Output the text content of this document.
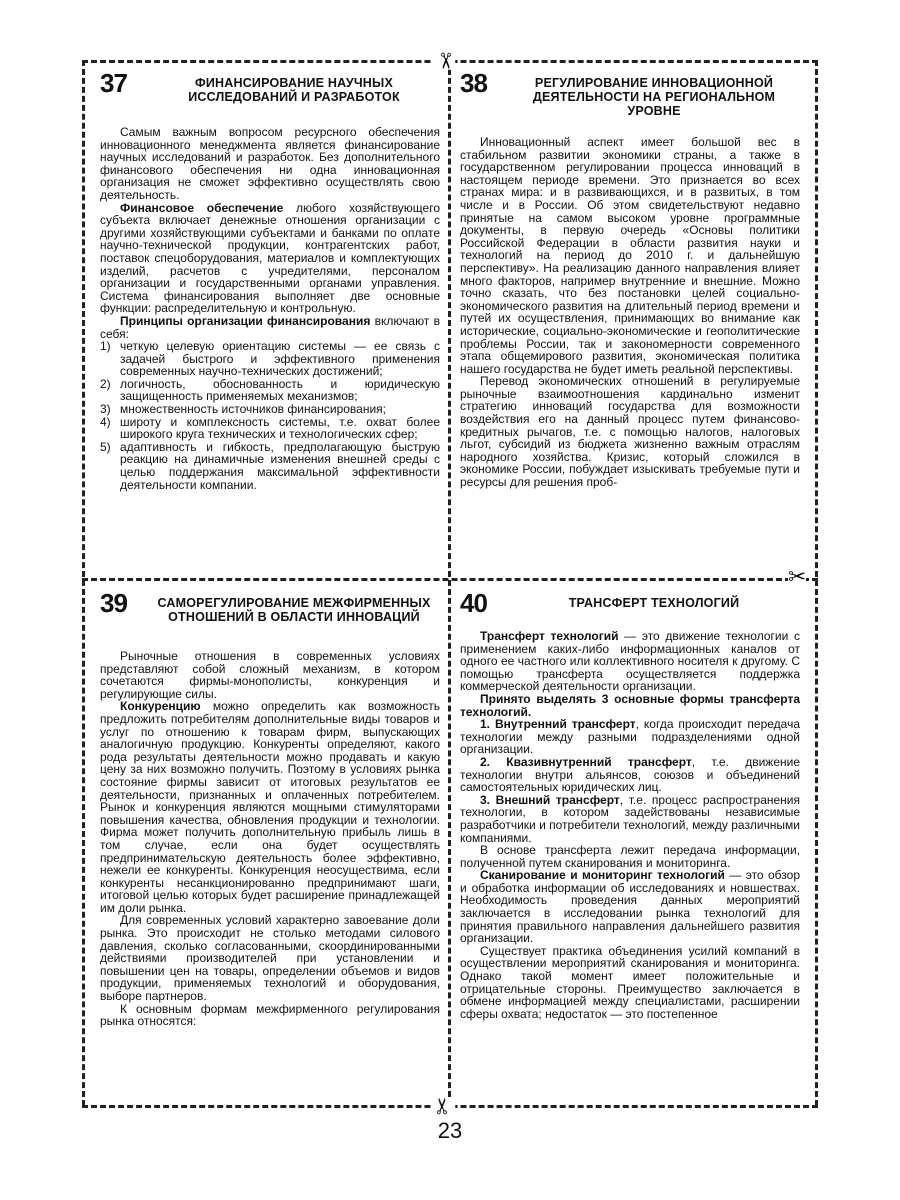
✂
✂
✂
37	ФИНАНСИРОВАНИЕ НАУЧНЫХ ИССЛЕДОВАНИЙ И РАЗРАБОТОК

Самым важным вопросом ресурсного обеспечения инновационного менеджмента является финансирование научных исследований и разработок. Без дополнительного финансового обеспечения ни одна инновационная организация не сможет эффективно осуществлять свою деятельность.

Финансовое обеспечение любого хозяйствующего субъекта включает денежные отношения организации с другими хозяйствующими субъектами и банками по оплате научно-технической продукции, контрагентских работ, поставок спецоборудования, материалов и комплектующих изделий, расчетов с учредителями, персоналом организации и государственными органами управления. Система финансирования выполняет две основные функции: распределительную и контрольную.

Принципы организации финансирования включают в себя:

1) четкую целевую ориентацию системы — ее связь с задачей быстрого и эффективного применения современных научно-технических достижений;
2) логичность, обоснованность и юридическую защищенность применяемых механизмов;
3) множественность источников финансирования;
4) широту и комплексность системы, т.е. охват более широкого круга технических и технологических сфер;
5) адаптивность и гибкость, предполагающую быструю реакцию на динамичные изменения внешней среды с целью поддержания максимальной эффективности деятельности компании.
38	РЕГУЛИРОВАНИЕ ИННОВАЦИОННОЙ ДЕЯТЕЛЬНОСТИ НА РЕГИОНАЛЬНОМ УРОВНЕ

Инновационный аспект имеет большой вес в стабильном развитии экономики страны, а также в государственном регулировании процесса инноваций в настоящем периоде времени. Это признается во всех странах мира: и в развивающихся, и в развитых, в том числе и в России. Об этом свидетельствуют недавно принятые на самом высоком уровне программные документы, в первую очередь «Основы политики Российской Федерации в области развития науки и технологий на период до 2010 г. и дальнейшую перспективу». На реализацию данного направления влияет много факторов, например внутренние и внешние. Можно точно сказать, что без постановки целей социально-экономического развития на длительный период времени и путей их осуществления, принимающих во внимание как исторические, социально-экономические и геополитические проблемы России, так и закономерности современного этапа общемирового развития, экономическая политика нашего государства не будет иметь реальной перспективы.

Перевод экономических отношений в регулируемые рыночные взаимоотношения кардинально изменит стратегию инноваций государства для возможности воздействия его на данный процесс путем финансово-кредитных рычагов, т.е. с помощью налогов, налоговых льгот, субсидий из бюджета жизненно важным отраслям народного хозяйства. Кризис, который сложился в экономике России, побуждает изыскивать требуемые пути и ресурсы для решения проб-

39	САМОРЕГУЛИРОВАНИЕ МЕЖФИРМЕННЫХ ОТНОШЕНИЙ В ОБЛАСТИ ИННОВАЦИЙ

Рыночные отношения в современных условиях представляют собой сложный механизм, в котором сочетаются фирмы-монополисты, конкуренция и регулирующие силы.

Конкуренцию можно определить как возможность предложить потребителям дополнительные виды товаров и услуг по отношению к товарам фирм, выпускающих аналогичную продукцию. Конкуренты определяют, какого рода результаты деятельности можно продавать и какую цену за них возможно получить. Поэтому в условиях рынка состояние фирмы зависит от итоговых результатов ее деятельности, признанных и оплаченных потребителем. Рынок и конкуренция являются мощными стимуляторами повышения качества, обновления продукции и технологии. Фирма может получить дополнительную прибыль лишь в том случае, если она будет осуществлять предпринимательскую деятельность более эффективно, нежели ее конкуренты. Конкуренция неосуществима, если конкуренты несанкционированно предпринимают шаги, итоговой целью которых будет расширение принадлежащей им доли рынка.

Для современных условий характерно завоевание доли рынка. Это происходит не столько методами силового давления, сколько согласованными, скоординированными действиями производителей при установлении и повышении цен на товары, определении объемов и видов продукции, применяемых технологий и оборудования, выборе партнеров.

К основным формам межфирменного регулирования рынка относятся:

40	ТРАНСФЕРТ ТЕХНОЛОГИЙ

Трансферт технологий — это движение технологии с применением каких-либо информационных каналов от одного ее частного или коллективного носителя к другому. С помощью трансферта осуществляется поддержка коммерческой деятельности организации.

Принято выделять 3 основные формы трансферта технологий.

1. Внутренний трансферт, когда происходит передача технологии между разными подразделениями одной организации.

2. Квазивнутренний трансферт, т.е. движение технологии внутри альянсов, союзов и объединений самостоятельных юридических лиц.

3. Внешний трансферт, т.е. процесс распространения технологии, в котором задействованы независимые разработчики и потребители технологий, между различными компаниями.

В основе трансферта лежит передача информации, полученной путем сканирования и мониторинга.

Сканирование и мониторинг технологий — это обзор и обработка информации об исследованиях и новшествах. Необходимость проведения данных мероприятий заключается в исследовании рынка технологий для принятия правильного направления дальнейшего развития организации.

Существует практика объединения усилий компаний в осуществлении мероприятий сканирования и мониторинга. Однако такой момент имеет положительные и отрицательные стороны. Преимущество заключается в обмене информацией между специалистами, расширении сферы охвата; недостаток — это постепенное

23
